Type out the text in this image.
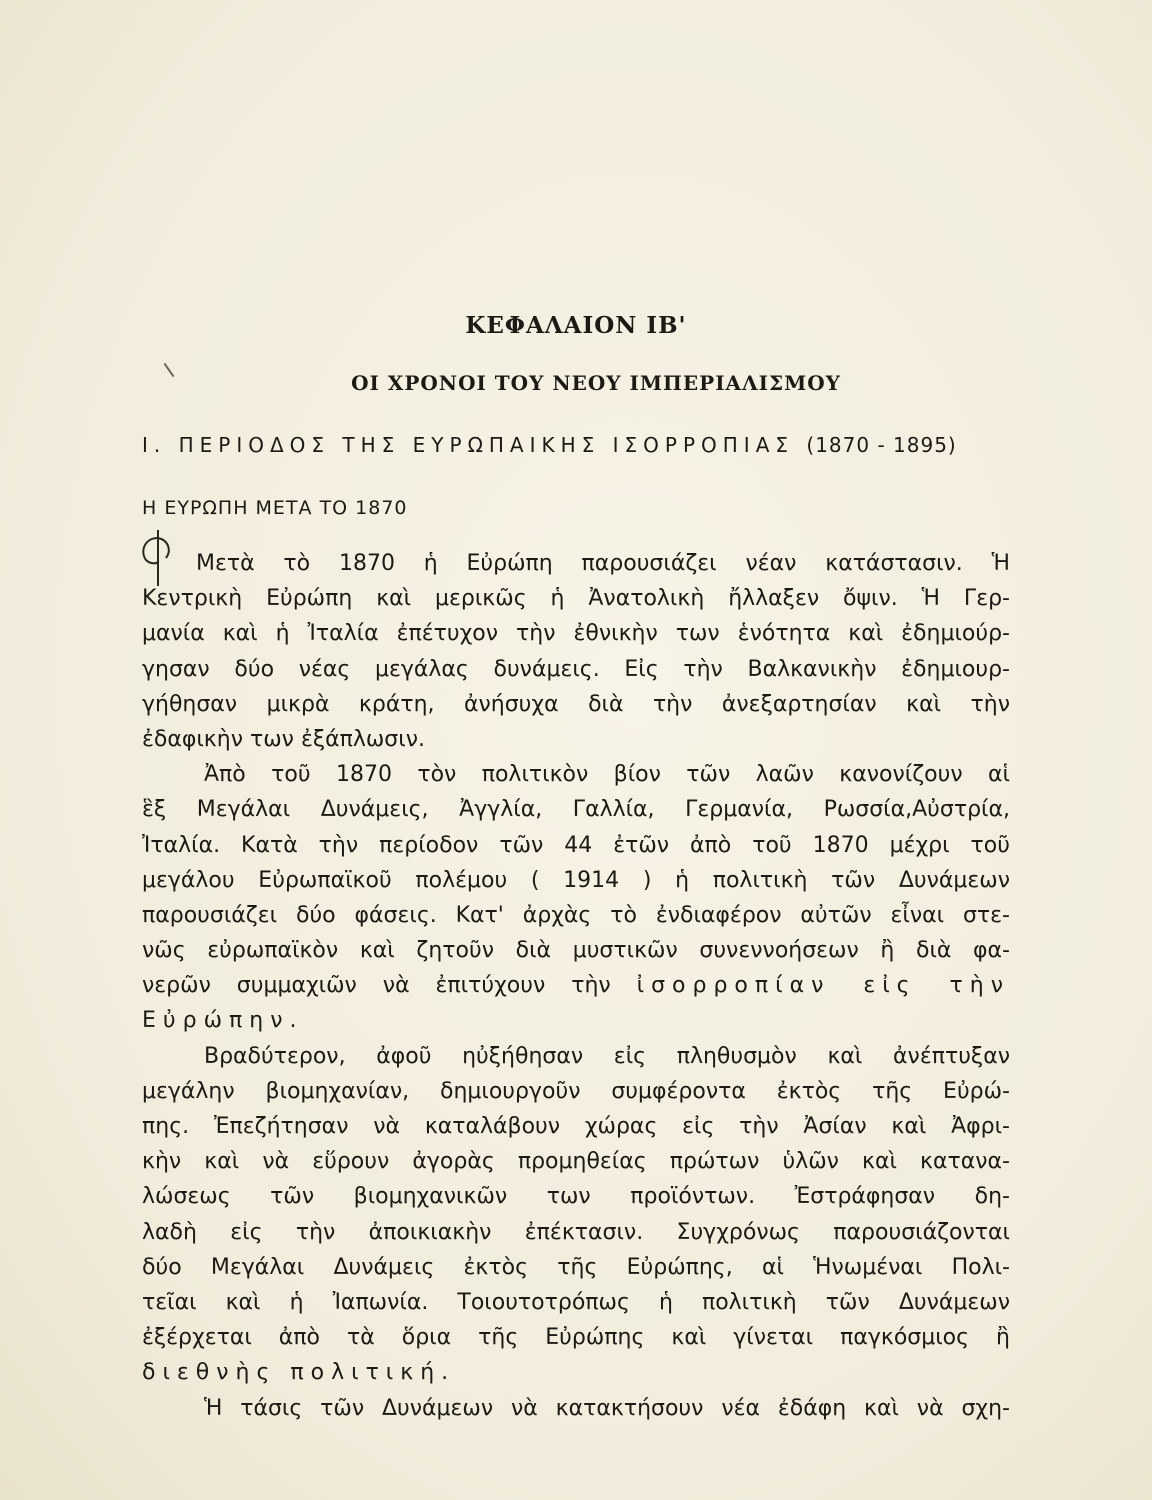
ΚΕΦΑΛΑΙΟΝ ΙΒ'
ΟΙ ΧΡΟΝΟΙ ΤΟΥ ΝΕΟΥ ΙΜΠΕΡΙΑΛΙΣΜΟΥ
Ι. ΠΕΡΙΟΔΟΣ ΤΗΣ ΕΥΡΩΠΑΙΚΗΣ ΙΣΟΡΡΟΠΙΑΣ (1870 - 1895)
Η ΕΥΡΩΠΗ ΜΕΤΑ ΤΟ 1870
Μετὰ τὸ 1870 ἡ Εὐρώπη παρουσιάζει νέαν κατάστασιν. Ἡ
Κεντρικὴ Εὐρώπη καὶ μερικῶς ἡ Ἀνατολικὴ ἤλλαξεν ὄψιν. Ἡ Γερ-
μανία καὶ ἡ Ἰταλία ἐπέτυχον τὴν ἐθνικὴν των ἑνότητα καὶ ἐδημιούρ-
γησαν δύο νέας μεγάλας δυνάμεις. Εἰς τὴν Βαλκανικὴν ἐδημιουρ-
γήθησαν μικρὰ κράτη, ἀνήσυχα διὰ τὴν ἀνεξαρτησίαν καὶ τὴν
ἐδαφικὴν των ἐξάπλωσιν.
Ἀπὸ τοῦ 1870 τὸν πολιτικὸν βίον τῶν λαῶν κανονίζουν αἱ
ἓξ Μεγάλαι Δυνάμεις, Ἀγγλία, Γαλλία, Γερμανία, Ρωσσία,Αὐστρία,
Ἰταλία. Κατὰ τὴν περίοδον τῶν 44 ἐτῶν ἀπὸ τοῦ 1870 μέχρι τοῦ
μεγάλου Εὐρωπαϊκοῦ πολέμου ( 1914 ) ἡ πολιτικὴ τῶν Δυνάμεων
παρουσιάζει δύο φάσεις. Κατ' ἀρχὰς τὸ ἐνδιαφέρον αὐτῶν εἶναι στε-
νῶς εὐρωπαϊκὸν καὶ ζητοῦν διὰ μυστικῶν συνεννοήσεων ἢ διὰ φα-
νερῶν συμμαχιῶν νὰ ἐπιτύχουν τὴν ἰσορροπίαν εἰς τὴν
Εὐρώπην.
Βραδύτερον, ἀφοῦ ηὐξήθησαν εἰς πληθυσμὸν καὶ ἀνέπτυξαν
μεγάλην βιομηχανίαν, δημιουργοῦν συμφέροντα ἐκτὸς τῆς Εὐρώ-
πης. Ἐπεζήτησαν νὰ καταλάβουν χώρας εἰς τὴν Ἀσίαν καὶ Ἀφρι-
κὴν καὶ νὰ εὕρουν ἀγορὰς προμηθείας πρώτων ὑλῶν καὶ κατανα-
λώσεως τῶν βιομηχανικῶν των προϊόντων. Ἐστράφησαν δη-
λαδὴ εἰς τὴν ἀποικιακὴν ἐπέκτασιν. Συγχρόνως παρουσιάζονται
δύο Μεγάλαι Δυνάμεις ἐκτὸς τῆς Εὐρώπης, αἱ Ἡνωμέναι Πολι-
τεῖαι καὶ ἡ Ἰαπωνία. Τοιουτοτρόπως ἡ πολιτικὴ τῶν Δυνάμεων
ἐξέρχεται ἀπὸ τὰ ὅρια τῆς Εὐρώπης καὶ γίνεται παγκόσμιος ἢ
διεθνὴς πολιτική.
Ἡ τάσις τῶν Δυνάμεων νὰ κατακτήσουν νέα ἐδάφη καὶ νὰ σχη-
